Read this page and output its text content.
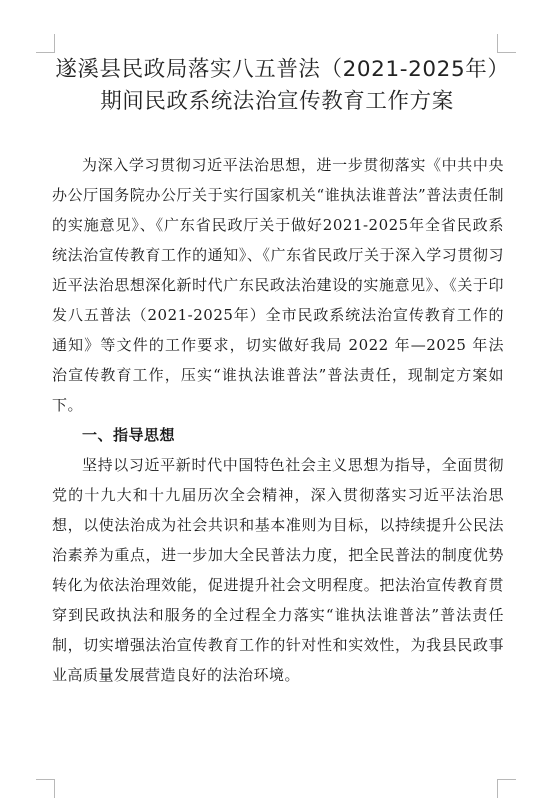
遂溪县民政局落实八五普法（2021-2025年）期间民政系统法治宣传教育工作方案

为深入学习贯彻习近平法治思想，进一步贯彻落实《中共中央办公厅国务院办公厅关于实行国家机关“谁执法谁普法”普法责任制的实施意见》、《广东省民政厅关于做好2021-2025年全省民政系统法治宣传教育工作的通知》、《广东省民政厅关于深入学习贯彻习近平法治思想深化新时代广东民政法治建设的实施意见》、《关于印发八五普法（2021-2025年）全市民政系统法治宣传教育工作的通知》等文件的工作要求，切实做好我局 2022 年—2025 年法治宣传教育工作，压实“谁执法谁普法”普法责任，现制定方案如下。

一、指导思想

坚持以习近平新时代中国特色社会主义思想为指导，全面贯彻党的十九大和十九届历次全会精神，深入贯彻落实习近平法治思想，以使法治成为社会共识和基本准则为目标，以持续提升公民法治素养为重点，进一步加大全民普法力度，把全民普法的制度优势转化为依法治理效能，促进提升社会文明程度。把法治宣传教育贯穿到民政执法和服务的全过程全力落实“谁执法谁普法”普法责任制，切实增强法治宣传教育工作的针对性和实效性，为我县民政事业高质量发展营造良好的法治环境。
